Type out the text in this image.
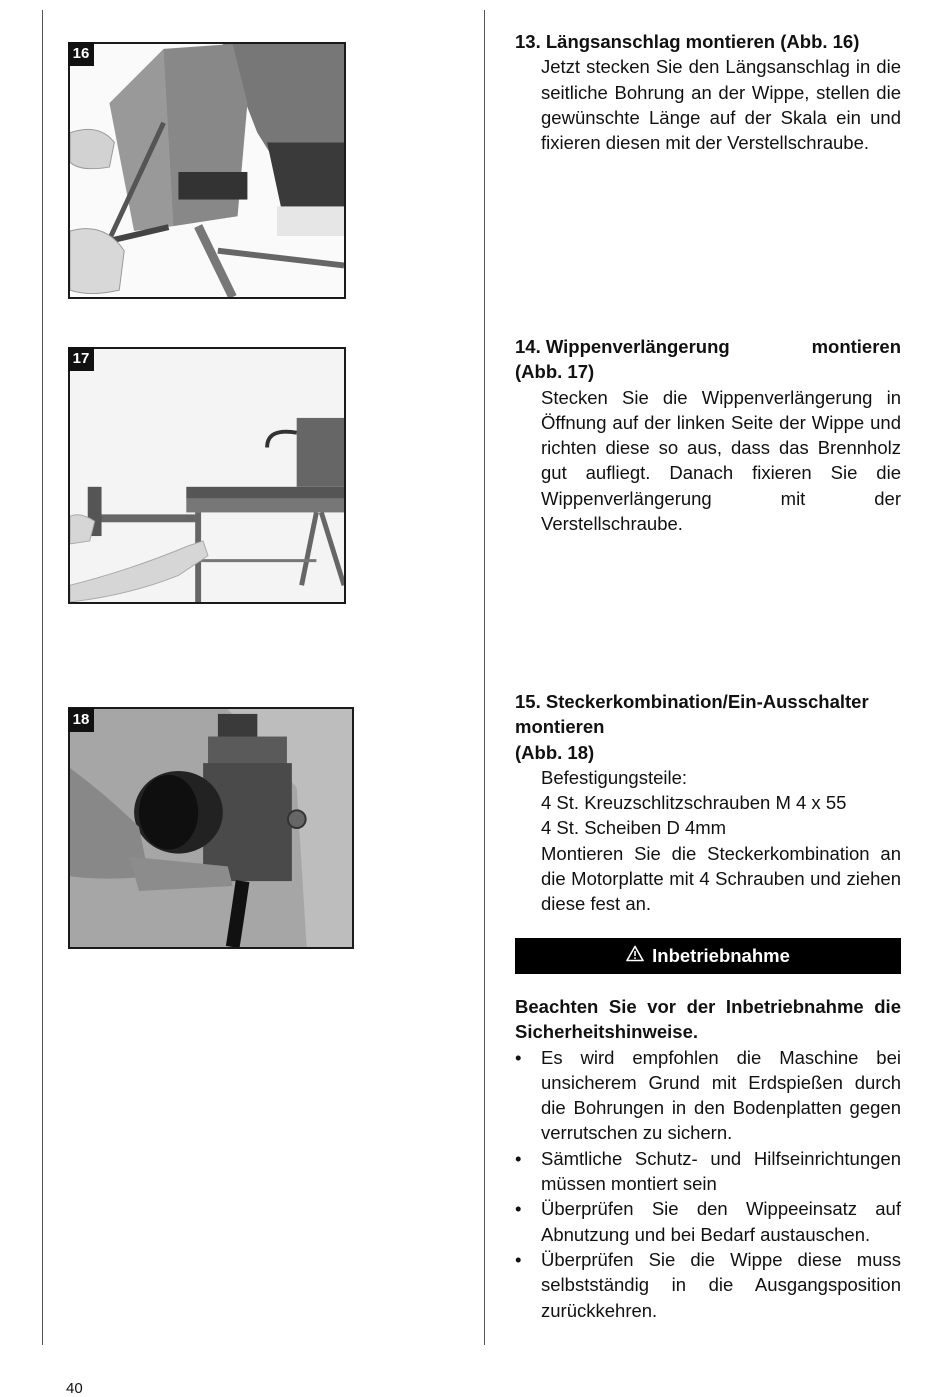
16
17
18
13. Längsanschlag montieren (Abb. 16)
Jetzt stecken Sie den Längsanschlag in die seitliche Bohrung an der Wippe, stellen die gewünschte Länge auf der Skala ein und fixieren diesen mit der Verstellschraube.
14. Wippenverlängerung	montieren
(Abb. 17)
Stecken Sie die Wippenverlängerung in Öffnung auf der linken Seite der Wippe und richten diese so aus, dass das Brennholz gut aufliegt. Danach fixieren Sie die Wippenverlängerung mit der Verstellschraube.
15. Steckerkombination/Ein-Ausschalter
montieren
(Abb. 18)

Befestigungsteile:

4 St. Kreuzschlitzschrauben M 4 x 55

4 St. Scheiben D 4mm

Montieren Sie die Steckerkombination an die Motorplatte mit 4 Schrauben und ziehen diese fest an.
Inbetriebnahme
Beachten Sie vor der Inbetriebnahme die Sicherheitshinweise.
• Es wird empfohlen die Maschine bei unsicherem Grund mit Erdspießen durch die Bohrungen in den Bodenplatten gegen verrutschen zu sichern.
• Sämtliche Schutz- und Hilfseinrichtungen müssen montiert sein
• Überprüfen Sie den Wippeeinsatz auf Abnutzung und bei Bedarf austauschen.
• Überprüfen Sie die Wippe diese muss selbstständig in die Ausgangsposition zurückkehren.
40
